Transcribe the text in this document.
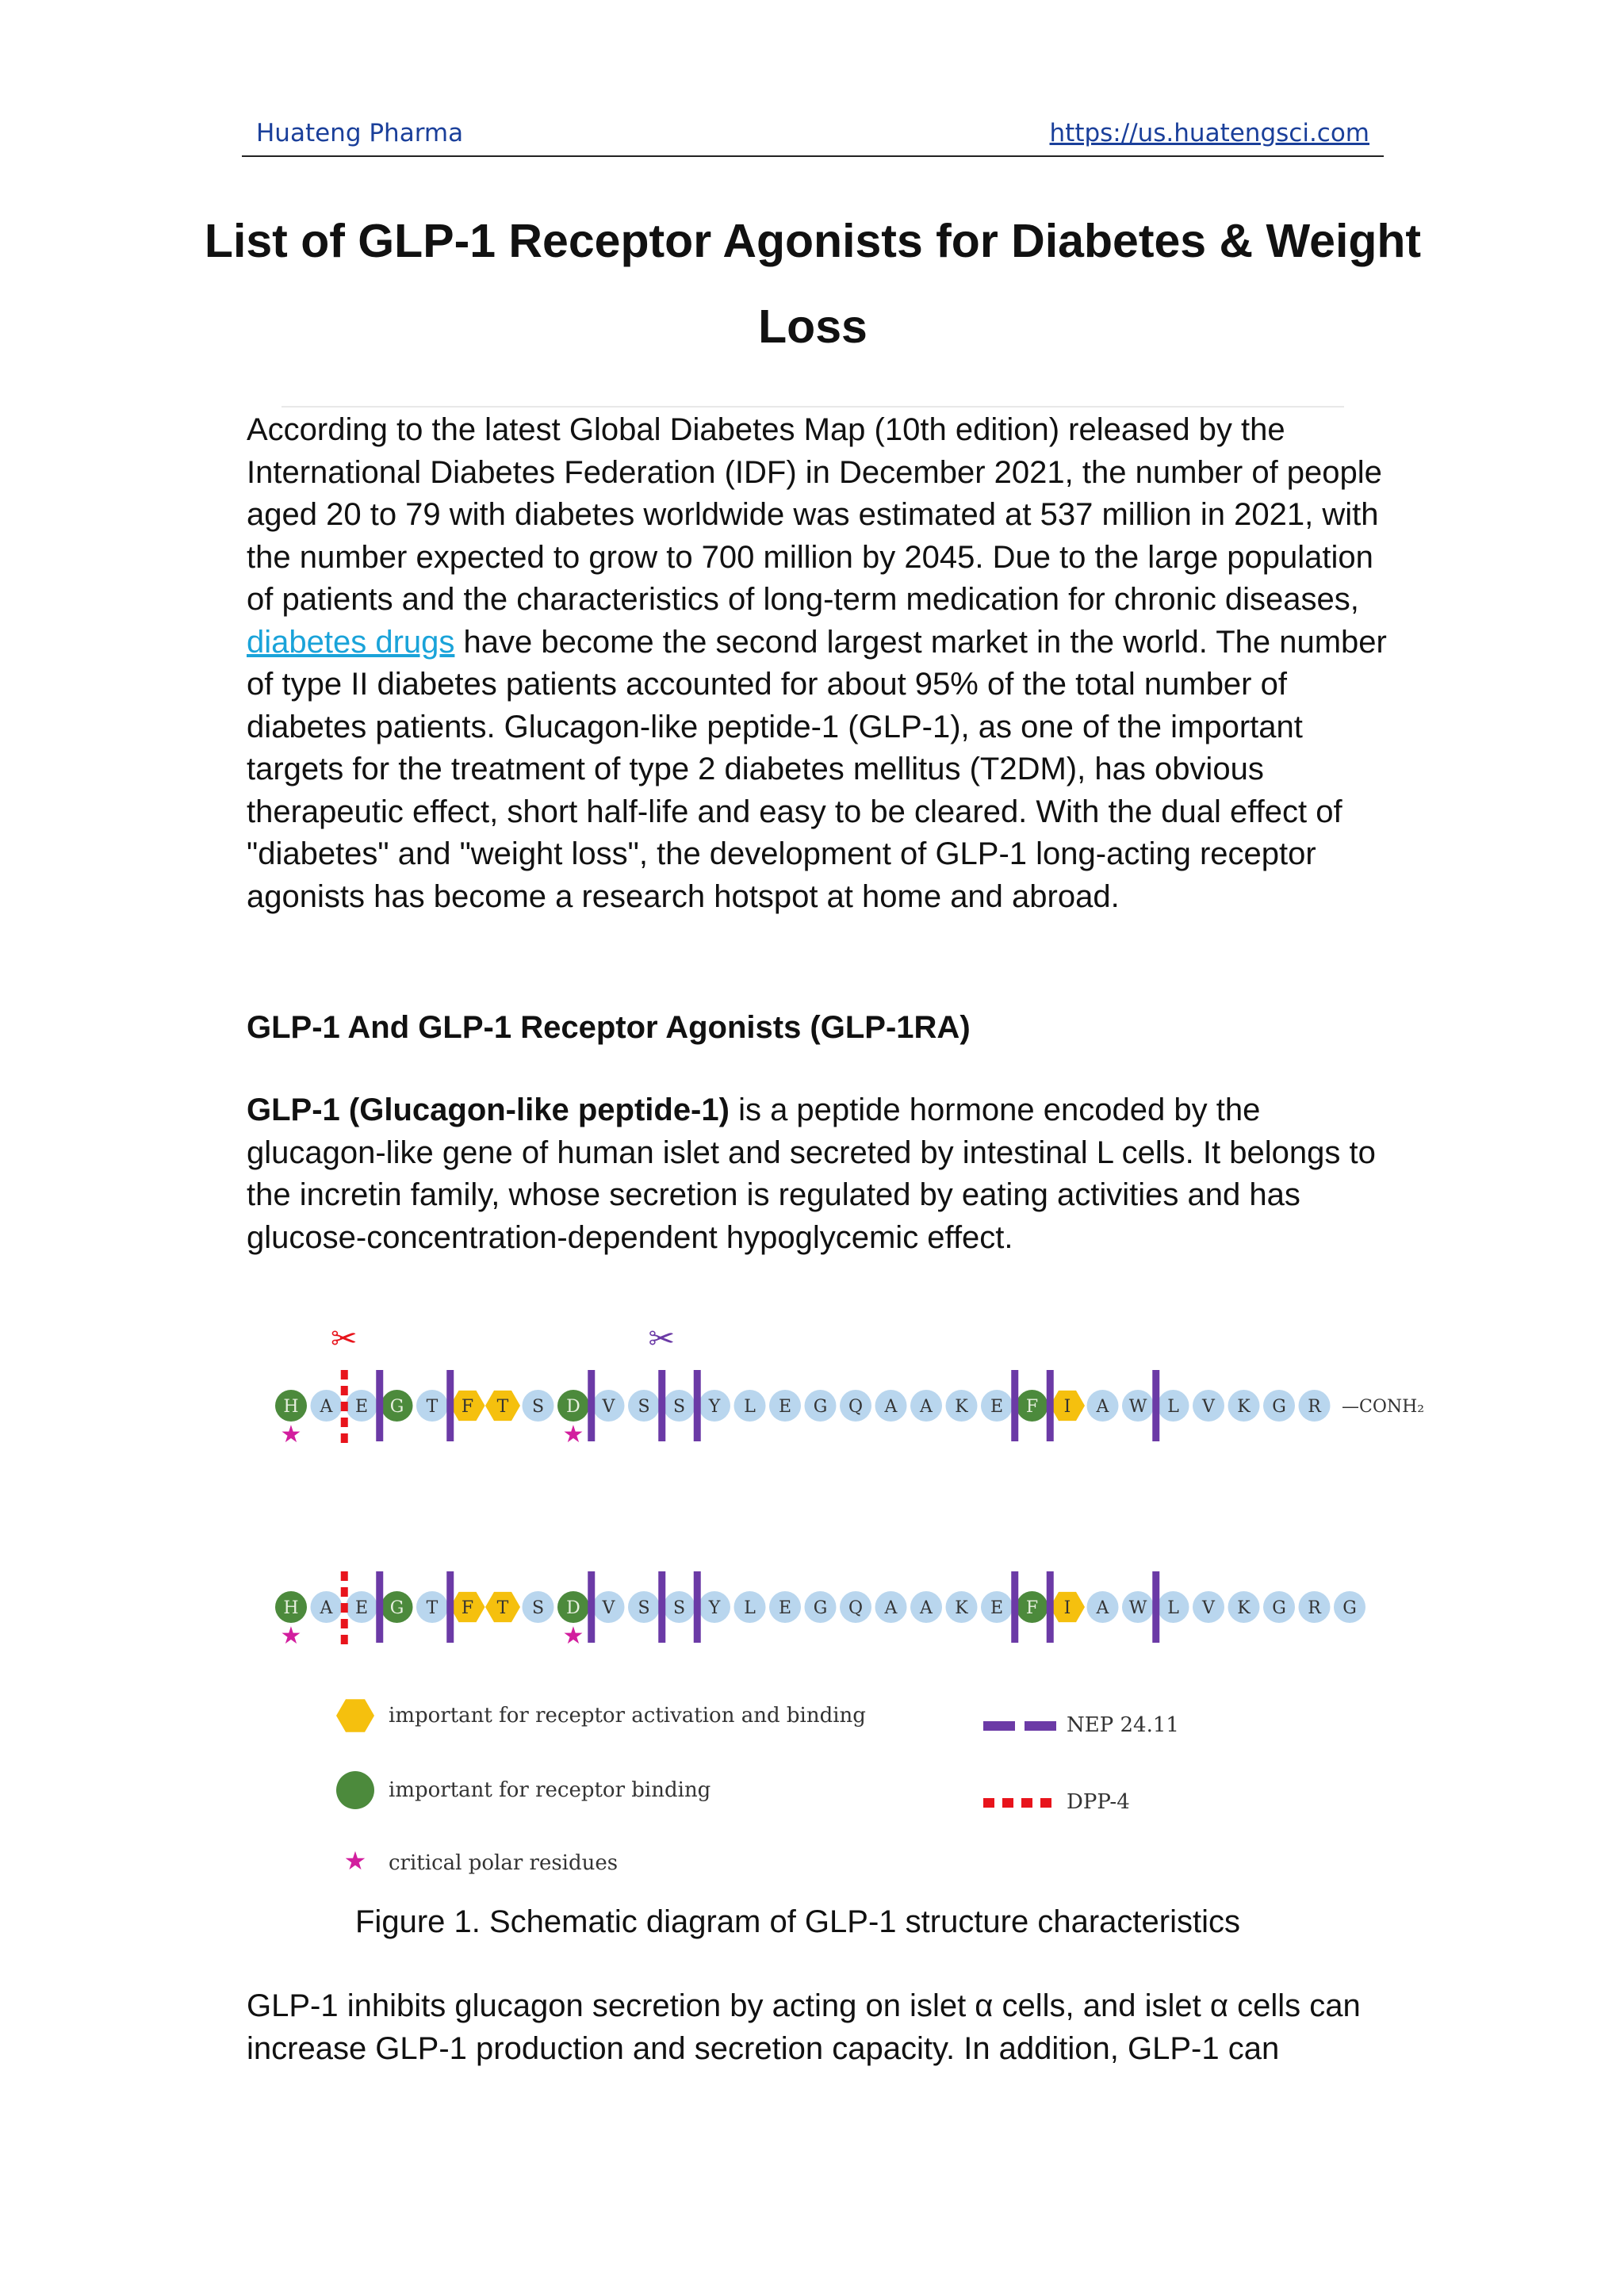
Huateng Pharma	https://us.huatengsci.com
List of GLP-1 Receptor Agonists for Diabetes & Weight Loss

According to the latest Global Diabetes Map (10th edition) released by the International Diabetes Federation (IDF) in December 2021, the number of people aged 20 to 79 with diabetes worldwide was estimated at 537 million in 2021, with the number expected to grow to 700 million by 2045. Due to the large population of patients and the characteristics of long-term medication for chronic diseases, diabetes drugs have become the second largest market in the world. The number of type II diabetes patients accounted for about 95% of the total number of diabetes patients. Glucagon-like peptide-1 (GLP-1), as one of the important targets for the treatment of type 2 diabetes mellitus (T2DM), has obvious therapeutic effect, short half-life and easy to be cleared. With the dual effect of "diabetes" and "weight loss", the development of GLP-1 long-acting receptor agonists has become a research hotspot at home and abroad.

GLP-1 And GLP-1 Receptor Agonists (GLP-1RA)

GLP-1 (Glucagon-like peptide-1) is a peptide hormone encoded by the glucagon-like gene of human islet and secreted by intestinal L cells. It belongs to the incretin family, whose secretion is regulated by eating activities and has glucose-concentration-dependent hypoglycemic effect.

H
★
A E G T F T S D
★
V S S Y L E G Q A A K E F I A W L V K G R —CONH₂
H
★
A E G T F T S D
★
V S S Y L E G Q A A K E F I A W L V K G R G
✂	✂
important for receptor activation and binding
important for receptor binding
★ critical polar residues
NEP 24.11
DPP-4

Figure 1. Schematic diagram of GLP-1 structure characteristics

GLP-1 inhibits glucagon secretion by acting on islet α cells, and islet α cells can increase GLP-1 production and secretion capacity. In addition, GLP-1 can
